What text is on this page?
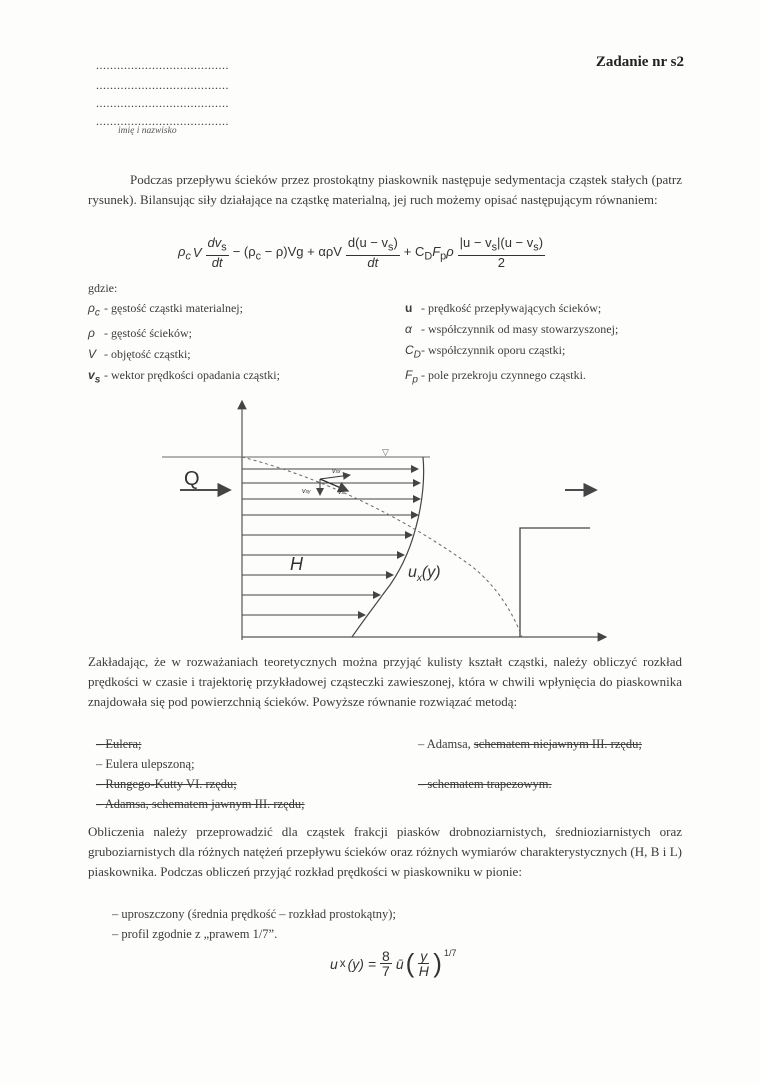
......................................
......................................
......................................
......................................
imię i nazwisko
Zadanie nr s2
Podczas przepływu ścieków przez prostokątny piaskownik następuje sedymentacja cząstek stałych (patrz rysunek). Bilansując siły działające na cząstkę materialną, jej ruch możemy opisać następującym równaniem:
$\rho_c$ V $\frac{dv_s}{dt} - (\rho_c - \rho)Vg + \alpha\rho V \frac{d(u - v_s)}{dt} + C_DF_p\rho \frac{|u - v_s|(u - v_s)}{2}$
gdzie:
$\rho_c$ - gęstość cząstki materialnej;
ρ - gęstość ścieków;
V - objętość cząstki;
$v_s$ - wektor prędkości opadania cząstki;
u - prędkość przepływających ścieków;
α - współczynnik od masy stowarzyszonej;
$C_D$ - współczynnik oporu cząstki;
$F_p$ - pole przekroju czynnego cząstki.
▽
Q	vsx
vsy	vs
H	$u_x(y)$
Zakładając, że w rozważaniach teoretycznych można przyjąć kulisty kształt cząstki, należy obliczyć rozkład prędkości w czasie i trajektorię przykładowej cząsteczki zawieszonej, która w chwili wpłynięcia do piaskownika znajdowała się pod powierzchnią ścieków. Powyższe równanie rozwiązać metodą:
– Eulera;
– Eulera ulepszoną;
– Rungego-Kutty VI. rzędu;
– Adamsa, schematem jawnym III. rzędu;
– Adamsa, schematem niejawnym III. rzędu;
– schematem trapezowym.
Obliczenia należy przeprowadzić dla cząstek frakcji piasków drobnoziarnistych, średnioziarnistych oraz gruboziarnistych dla różnych natężeń przepływu ścieków oraz różnych wymiarów charakterystycznych (H, B i L) piaskownika. Podczas obliczeń przyjąć rozkład prędkości w piaskowniku w pionie:
– uproszczony (średnia prędkość – rozkład prostokątny);
– profil zgodnie z „prawem 1/7”.
u x $(y) = \frac{8}{7}$ ū ( $\frac{y}{H} )^{1/7}$
